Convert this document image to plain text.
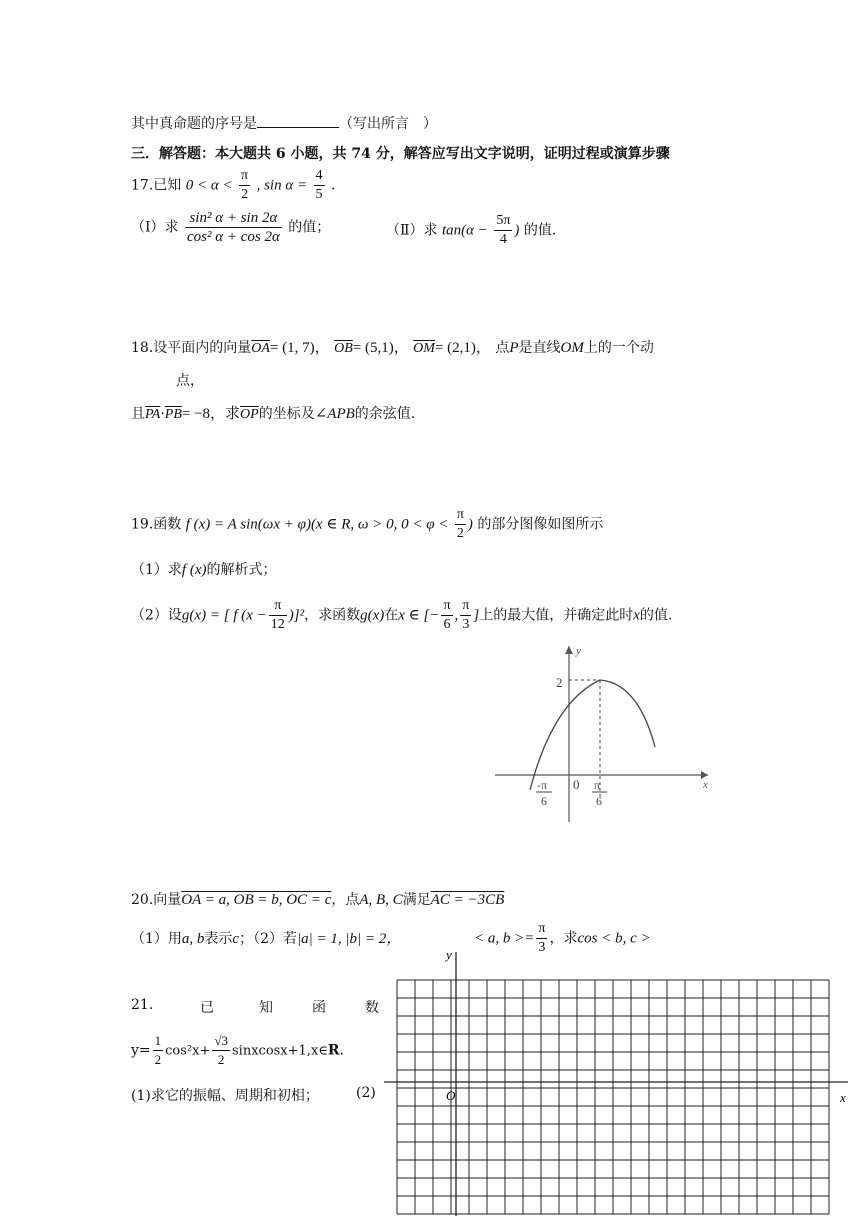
其中真命题的序号是	（写出所言　）
三．解答题：本大题共 6 小题，共 74 分，解答应写出文字说明，证明过程或演算步骤
17.已知 $0 < \alpha < \frac{\pi}{2}$ , $\sin \alpha = \frac{4}{5}$ .
（Ⅰ）求 $\frac{\text{sin² α + sin 2α}}{\text{cos² α + cos 2α}}$ 的值；	（Ⅱ）求 $\tan(\alpha - \frac{5\pi}{4}$ ) 的值.
18.设平面内的向量$\overline{OA}= (1$, 7)， $\overline{OB}= (5,1)$， $\overline{OM}= (2,1)$， 点P是直线OM上的一个动
点，
且$\overline{PA}\cdot\overline{PB}= -8$，求$\overline{OP}$的坐标及∠APB的余弦值.
19.函数 f (x) = A sin(ωx + φ)(x ∈ R, ω > 0, $0 < \varphi < \frac{\pi}{2}$ ) 的部分图像如图所示
（1）求f (x)的解析式；
（2）设g(x) = [ f $(x - \frac{\pi}{12} )]^2$，求函数g(x)在x ∈ [− $\frac{\pi}{6}$ , $\frac{\pi}{3}$ ]上的最大值，并确定此时x的值.
y
x
2
0
-π
6
π
6
20.向量OA = a, OB = b, OC = c，点A, B, C满足AC = −3CB
（1）用a, b表示c；（2）若|a| = 1, |b| = 2，	< a, $b >= \frac{\pi}{3}$ ，求cos < b, c >
21.	已	知	函	数
$y= \frac{1}{2} \cos^2x+ \frac{√3}{2}$ sinxcosx+1,x∈R.
(1)求它的振幅、周期和初相；	(2)
y
x
O
